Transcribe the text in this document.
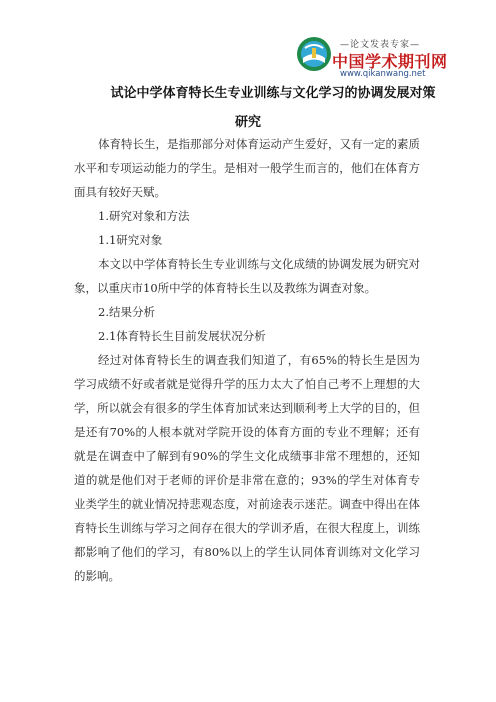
—论文发表专家—
中国学术期刊网
www.qikanwang.net
试论中学体育特长生专业训练与文化学习的协调发展对策
研究

体育特长生，是指那部分对体育运动产生爱好，又有一定的素质水平和专项运动能力的学生。是相对一般学生而言的，他们在体育方面具有较好天赋。

1.研究对象和方法

1.1研究对象

本文以中学体育特长生专业训练与文化成绩的协调发展为研究对象，以重庆市10所中学的体育特长生以及教练为调查对象。

2.结果分析

2.1体育特长生目前发展状况分析

经过对体育特长生的调查我们知道了，有65%的特长生是因为学习成绩不好或者就是觉得升学的压力太大了怕自己考不上理想的大学，所以就会有很多的学生体育加试来达到顺利考上大学的目的，但是还有70%的人根本就对学院开设的体育方面的专业不理解；还有就是在调查中了解到有90%的学生文化成绩事非常不理想的，还知道的就是他们对于老师的评价是非常在意的；93%的学生对体育专业类学生的就业情况持悲观态度，对前途表示迷茫。调查中得出在体育特长生训练与学习之间存在很大的学训矛盾，在很大程度上，训练都影响了他们的学习，有80%以上的学生认同体育训练对文化学习的影响。
